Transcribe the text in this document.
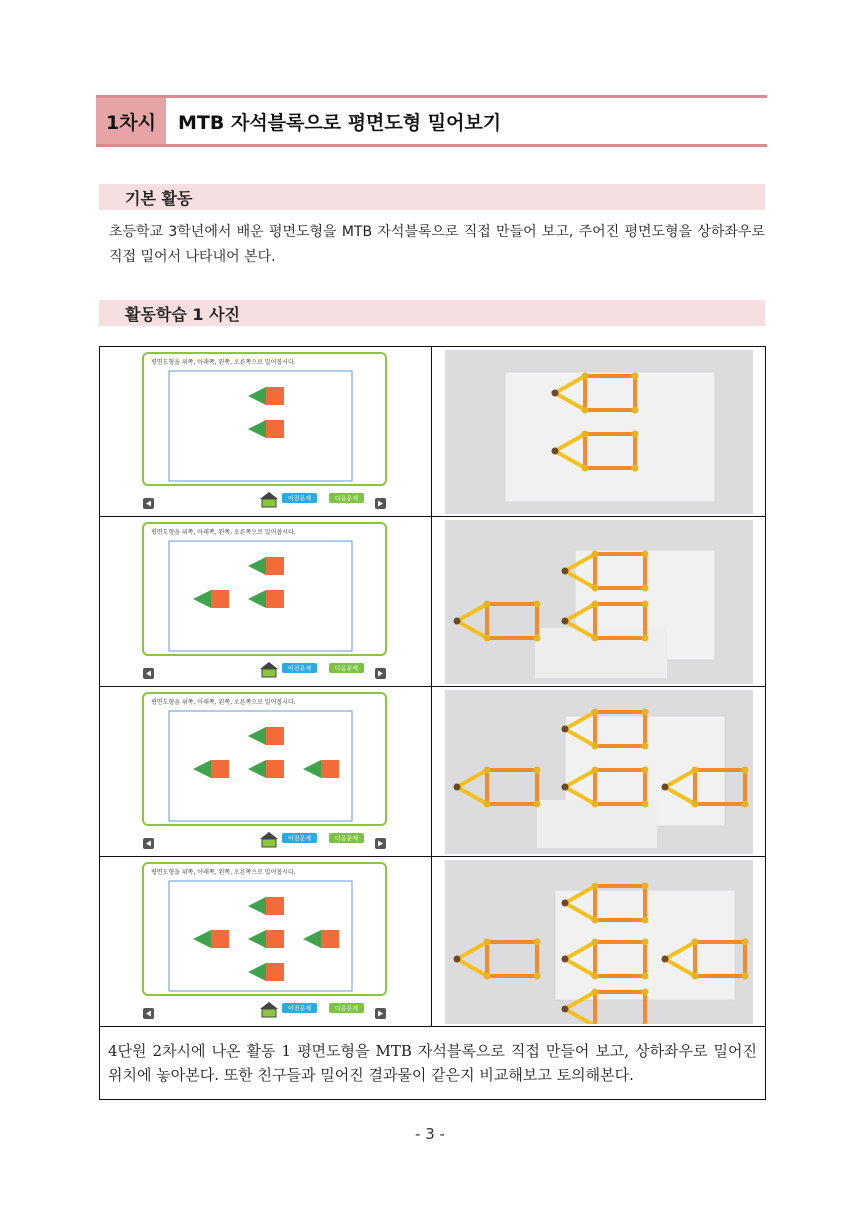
1차시	MTB 자석블록으로 평면도형 밀어보기
기본 활동
초등학교 3학년에서 배운 평면도형을 MTB 자석블록으로 직접 만들어 보고, 주어진 평면도형을 상하좌우로 직접 밀어서 나타내어 본다.
활동학습 1 사진
평면도형을 위쪽, 아래쪽, 왼쪽, 오른쪽으로 밀어봅시다.
이전문제 다음문제

평면도형을 위쪽, 아래쪽, 왼쪽, 오른쪽으로 밀어봅시다.
이전문제 다음문제

평면도형을 위쪽, 아래쪽, 왼쪽, 오른쪽으로 밀어봅시다.
이전문제 다음문제

평면도형을 위쪽, 아래쪽, 왼쪽, 오른쪽으로 밀어봅시다.
이전문제 다음문제

4단원 2차시에 나온 활동 1 평면도형을 MTB 자석블록으로 직접 만들어 보고, 상하좌우로 밀어진 위치에 놓아본다. 또한 친구들과 밀어진 결과물이 같은지 비교해보고 토의해본다.	
- 3 -
